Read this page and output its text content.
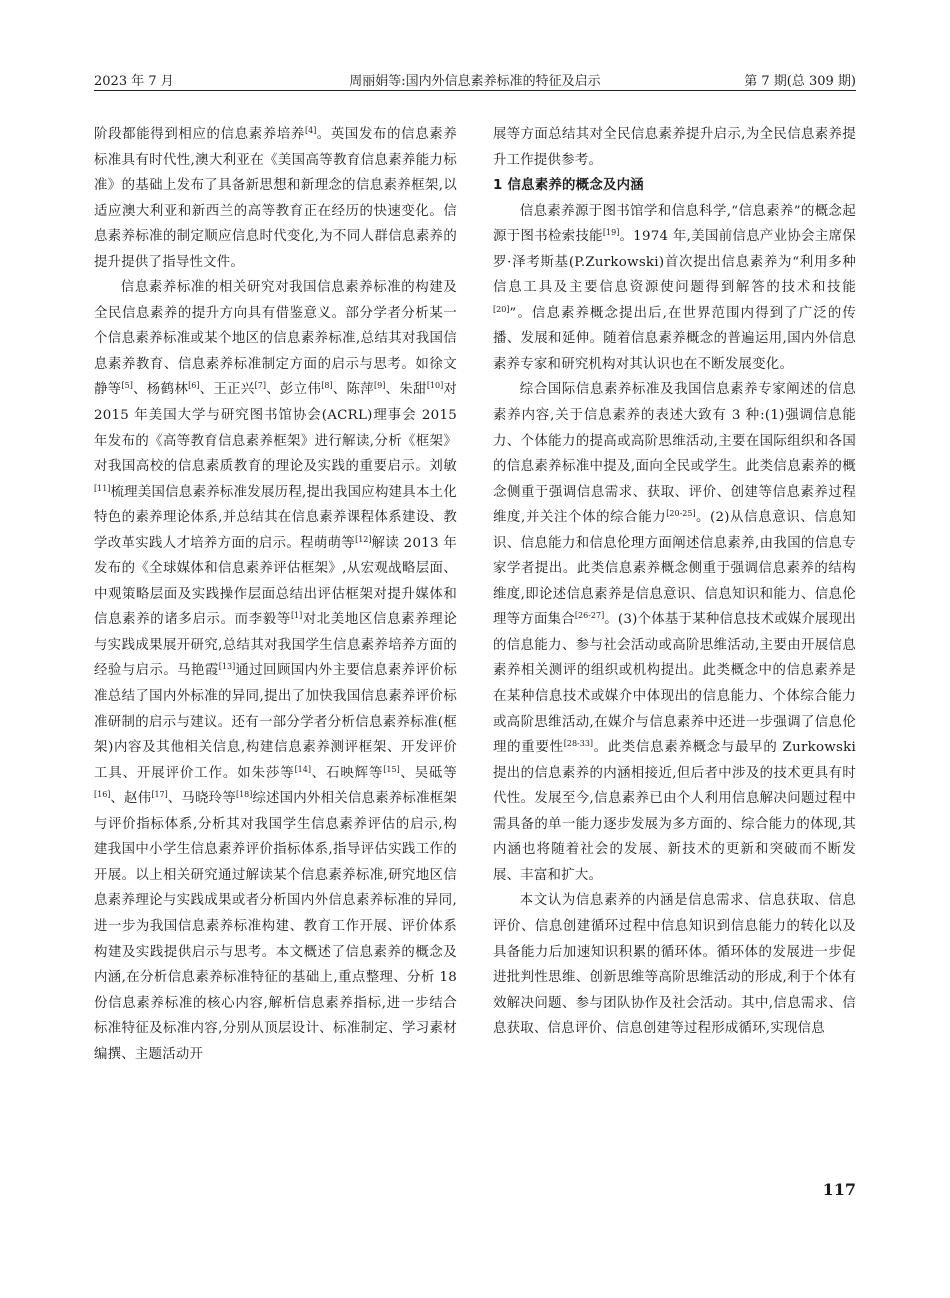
2023 年 7 月	周丽娟等:国内外信息素养标准的特征及启示	第 7 期(总 309 期)

阶段都能得到相应的信息素养培养[4]。英国发布的信息素养标准具有时代性,澳大利亚在《美国高等教育信息素养能力标准》的基础上发布了具备新思想和新理念的信息素养框架,以适应澳大利亚和新西兰的高等教育正在经历的快速变化。信息素养标准的制定顺应信息时代变化,为不同人群信息素养的提升提供了指导性文件。

信息素养标准的相关研究对我国信息素养标准的构建及全民信息素养的提升方向具有借鉴意义。部分学者分析某一个信息素养标准或某个地区的信息素养标准,总结其对我国信息素养教育、信息素养标准制定方面的启示与思考。如徐文静等[5]、杨鹤林[6]、王正兴[7]、彭立伟[8]、陈萍[9]、朱甜[10]对 2015 年美国大学与研究图书馆协会(ACRL)理事会 2015 年发布的《高等教育信息素养框架》进行解读,分析《框架》对我国高校的信息素质教育的理论及实践的重要启示。刘敏[11]梳理美国信息素养标准发展历程,提出我国应构建具本土化特色的素养理论体系,并总结其在信息素养课程体系建设、教学改革实践人才培养方面的启示。程萌萌等[12]解读 2013 年发布的《全球媒体和信息素养评估框架》,从宏观战略层面、中观策略层面及实践操作层面总结出评估框架对提升媒体和信息素养的诸多启示。而李毅等[1]对北美地区信息素养理论与实践成果展开研究,总结其对我国学生信息素养培养方面的经验与启示。马艳霞[13]通过回顾国内外主要信息素养评价标准总结了国内外标准的异同,提出了加快我国信息素养评价标准研制的启示与建议。还有一部分学者分析信息素养标准(框架)内容及其他相关信息,构建信息素养测评框架、开发评价工具、开展评价工作。如朱莎等[14]、石映辉等[15]、吴砥等[16]、赵伟[17]、马晓玲等[18]综述国内外相关信息素养标准框架与评价指标体系,分析其对我国学生信息素养评估的启示,构建我国中小学生信息素养评价指标体系,指导评估实践工作的开展。以上相关研究通过解读某个信息素养标准,研究地区信息素养理论与实践成果或者分析国内外信息素养标准的异同,进一步为我国信息素养标准构建、教育工作开展、评价体系构建及实践提供启示与思考。本文概述了信息素养的概念及内涵,在分析信息素养标准特征的基础上,重点整理、分析 18 份信息素养标准的核心内容,解析信息素养指标,进一步结合标准特征及标准内容,分别从顶层设计、标准制定、学习素材编撰、主题活动开

展等方面总结其对全民信息素养提升启示,为全民信息素养提升工作提供参考。

1 信息素养的概念及内涵

信息素养源于图书馆学和信息科学,“信息素养”的概念起源于图书检索技能[19]。1974 年,美国前信息产业协会主席保罗·泽考斯基(P.Zurkowski)首次提出信息素养为“利用多种信息工具及主要信息资源使问题得到解答的技术和技能[20]”。信息素养概念提出后,在世界范围内得到了广泛的传播、发展和延伸。随着信息素养概念的普遍运用,国内外信息素养专家和研究机构对其认识也在不断发展变化。

综合国际信息素养标准及我国信息素养专家阐述的信息素养内容,关于信息素养的表述大致有 3 种:(1)强调信息能力、个体能力的提高或高阶思维活动,主要在国际组织和各国的信息素养标准中提及,面向全民或学生。此类信息素养的概念侧重于强调信息需求、获取、评价、创建等信息素养过程维度,并关注个体的综合能力[20-25]。(2)从信息意识、信息知识、信息能力和信息伦理方面阐述信息素养,由我国的信息专家学者提出。此类信息素养概念侧重于强调信息素养的结构维度,即论述信息素养是信息意识、信息知识和能力、信息伦理等方面集合[26-27]。(3)个体基于某种信息技术或媒介展现出的信息能力、参与社会活动或高阶思维活动,主要由开展信息素养相关测评的组织或机构提出。此类概念中的信息素养是在某种信息技术或媒介中体现出的信息能力、个体综合能力或高阶思维活动,在媒介与信息素养中还进一步强调了信息伦理的重要性[28-33]。此类信息素养概念与最早的 Zurkowski 提出的信息素养的内涵相接近,但后者中涉及的技术更具有时代性。发展至今,信息素养已由个人利用信息解决问题过程中需具备的单一能力逐步发展为多方面的、综合能力的体现,其内涵也将随着社会的发展、新技术的更新和突破而不断发展、丰富和扩大。

本文认为信息素养的内涵是信息需求、信息获取、信息评价、信息创建循环过程中信息知识到信息能力的转化以及具备能力后加速知识积累的循环体。循环体的发展进一步促进批判性思维、创新思维等高阶思维活动的形成,利于个体有效解决问题、参与团队协作及社会活动。其中,信息需求、信息获取、信息评价、信息创建等过程形成循环,实现信息

117
